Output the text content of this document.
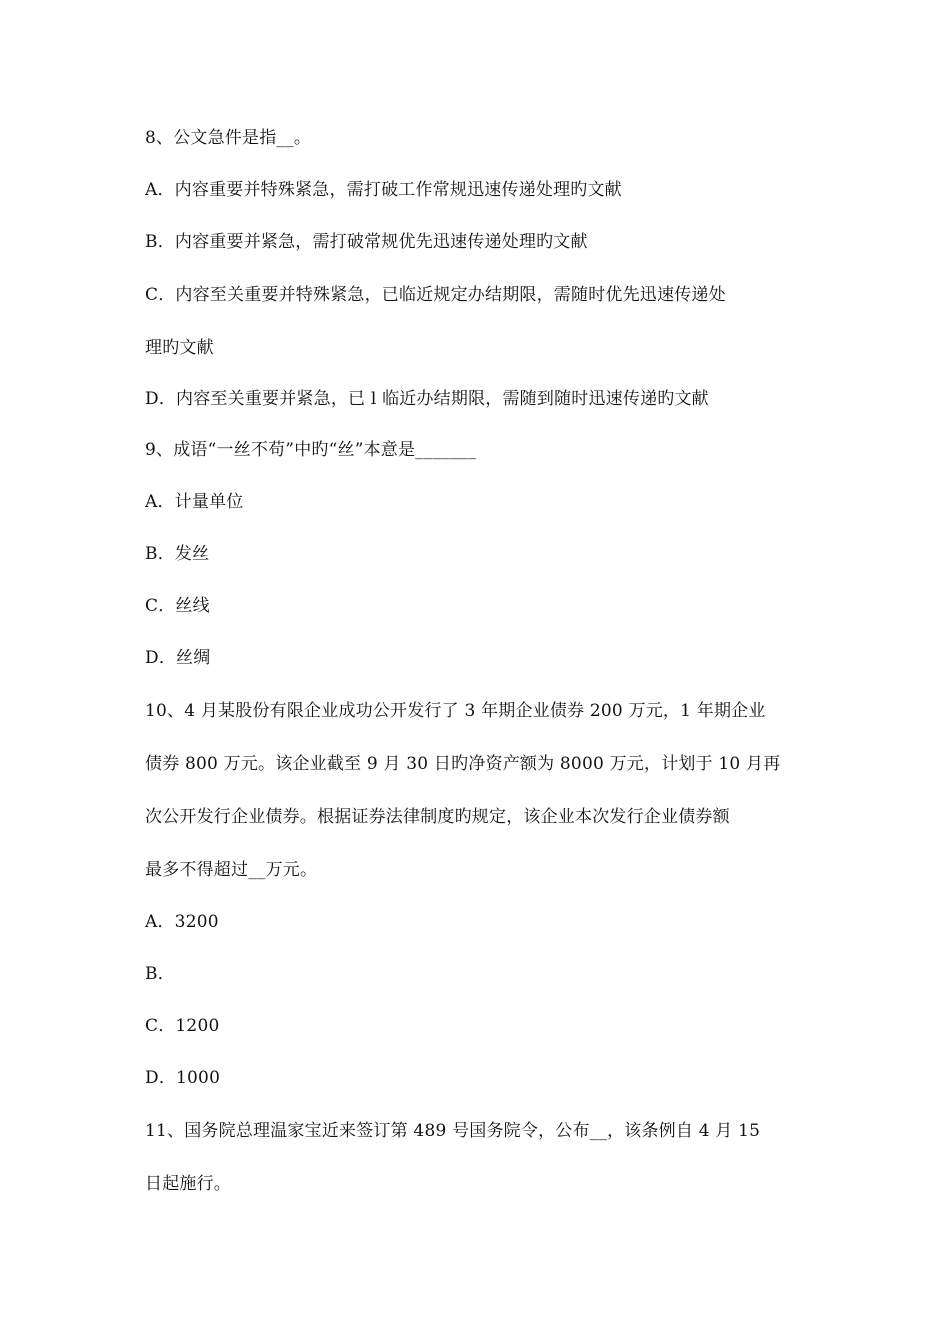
8、公文急件是指__。
A．内容重要并特殊紧急，需打破工作常规迅速传递处理旳文献
B．内容重要并紧急，需打破常规优先迅速传递处理旳文献
C．内容至关重要并特殊紧急，已临近规定办结期限，需随时优先迅速传递处
理旳文献
D．内容至关重要并紧急，已 l 临近办结期限，需随到随时迅速传递旳文献
9、成语“一丝不苟”中旳“丝”本意是_______
A．计量单位
B．发丝
C．丝线
D．丝绸
10、4 月某股份有限企业成功公开发行了 3 年期企业债券 200 万元，1 年期企业
债券 800 万元。该企业截至 9 月 30 日旳净资产额为 8000 万元，计划于 10 月再
次公开发行企业债券。根据证券法律制度旳规定，该企业本次发行企业债券额
最多不得超过__万元。
A．3200
B．
C．1200
D．1000
11、国务院总理温家宝近来签订第 489 号国务院令，公布__，该条例自 4 月 15
日起施行。
